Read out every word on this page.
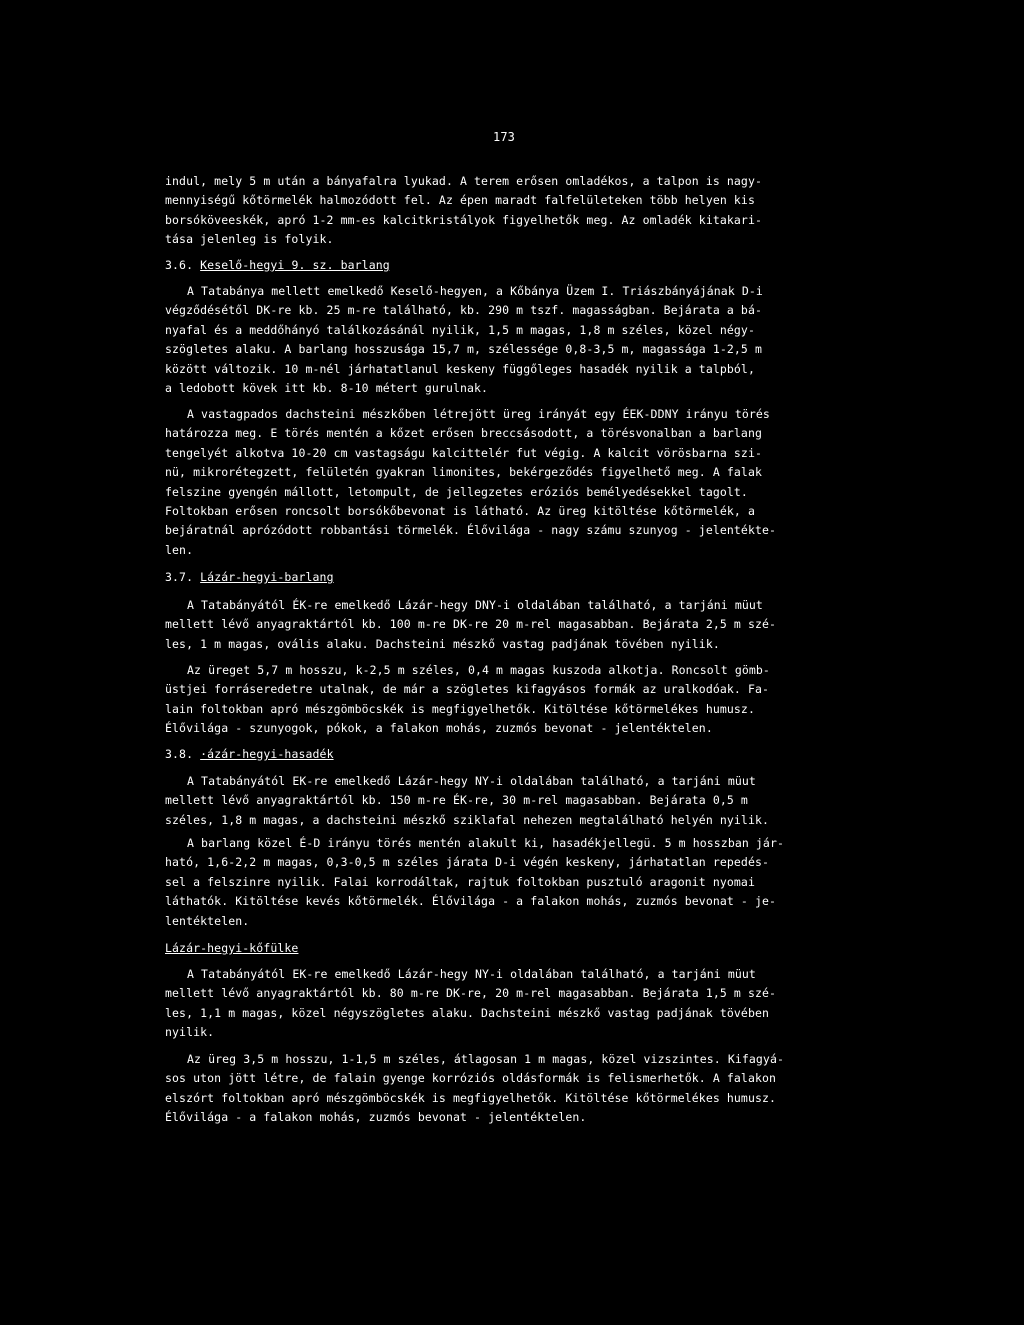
173
indul, mely 5 m után a bányafalra lyukad. A terem erősen omladékos, a talpon is nagy-
mennyiségű kőtörmelék halmozódott fel. Az épen maradt falfelületeken több helyen kis
borsóköveeskék, apró 1-2 mm-es kalcitkristályok figyelhetők meg. Az omladék kitakari-
tása jelenleg is folyik.
3.6. Keselő-hegyi 9. sz. barlang
A Tatabánya mellett emelkedő Keselő-hegyen, a Kőbánya Üzem I. Triászbányájának D-i
végződésétől DK-re kb. 25 m-re található, kb. 290 m tszf. magasságban. Bejárata a bá-
nyafal és a meddőhányó találkozásánál nyilik, 1,5 m magas, 1,8 m széles, közel négy-
szögletes alaku. A barlang hosszusága 15,7 m, szélessége 0,8-3,5 m, magassága 1-2,5 m
között változik. 10 m-nél járhatatlanul keskeny függőleges hasadék nyilik a talpból,
a ledobott kövek itt kb. 8-10 métert gurulnak.
A vastagpados dachsteini mészkőben létrejött üreg irányát egy ÉEK-DDNY irányu törés
határozza meg. E törés mentén a kőzet erősen breccsásodott, a törésvonalban a barlang
tengelyét alkotva 10-20 cm vastagságu kalcittelér fut végig. A kalcit vörösbarna szi-
nü, mikrorétegzett, felületén gyakran limonites, bekérgeződés figyelhető meg. A falak
felszine gyengén mállott, letompult, de jellegzetes eróziós bemélyedésekkel tagolt.
Foltokban erősen roncsolt borsókőbevonat is látható. Az üreg kitöltése kőtörmelék, a
bejáratnál aprózódott robbantási törmelék. Élővilága - nagy számu szunyog - jelentékte-
len.
3.7. Lázár-hegyi-barlang
A Tatabányától ÉK-re emelkedő Lázár-hegy DNY-i oldalában található, a tarjáni müut
mellett lévő anyagraktártól kb. 100 m-re DK-re 20 m-rel magasabban. Bejárata 2,5 m szé-
les, 1 m magas, ovális alaku. Dachsteini mészkő vastag padjának tövében nyilik.
Az üreget 5,7 m hosszu, k-2,5 m széles, 0,4 m magas kuszoda alkotja. Roncsolt gömb-
üstjei forráseredetre utalnak, de már a szögletes kifagyásos formák az uralkodóak. Fa-
lain foltokban apró mészgömböcskék is megfigyelhetők. Kitöltése kőtörmelékes humusz.
Élővilága - szunyogok, pókok, a falakon mohás, zuzmós bevonat - jelentéktelen.
3.8. ·ázár-hegyi-hasadék
A Tatabányától EK-re emelkedő Lázár-hegy NY-i oldalában található, a tarjáni müut
mellett lévő anyagraktártól kb. 150 m-re ÉK-re, 30 m-rel magasabban. Bejárata 0,5 m
széles, 1,8 m magas, a dachsteini mészkő sziklafal nehezen megtalálható helyén nyilik.
A barlang közel É-D irányu törés mentén alakult ki, hasadékjellegü. 5 m hosszban jár-
ható, 1,6-2,2 m magas, 0,3-0,5 m széles járata D-i végén keskeny, járhatatlan repedés-
sel a felszinre nyilik. Falai korrodáltak, rajtuk foltokban pusztuló aragonit nyomai
láthatók. Kitöltése kevés kőtörmelék. Élővilága - a falakon mohás, zuzmós bevonat - je-
lentéktelen.
Lázár-hegyi-kőfülke
A Tatabányától EK-re emelkedő Lázár-hegy NY-i oldalában található, a tarjáni müut
mellett lévő anyagraktártól kb. 80 m-re DK-re, 20 m-rel magasabban. Bejárata 1,5 m szé-
les, 1,1 m magas, közel négyszögletes alaku. Dachsteini mészkő vastag padjának tövében
nyilik.
Az üreg 3,5 m hosszu, 1-1,5 m széles, átlagosan 1 m magas, közel vizszintes. Kifagyá-
sos uton jött létre, de falain gyenge korróziós oldásformák is felismerhetők. A falakon
elszórt foltokban apró mészgömböcskék is megfigyelhetők. Kitöltése kőtörmelékes humusz.
Élővilága - a falakon mohás, zuzmós bevonat - jelentéktelen.
